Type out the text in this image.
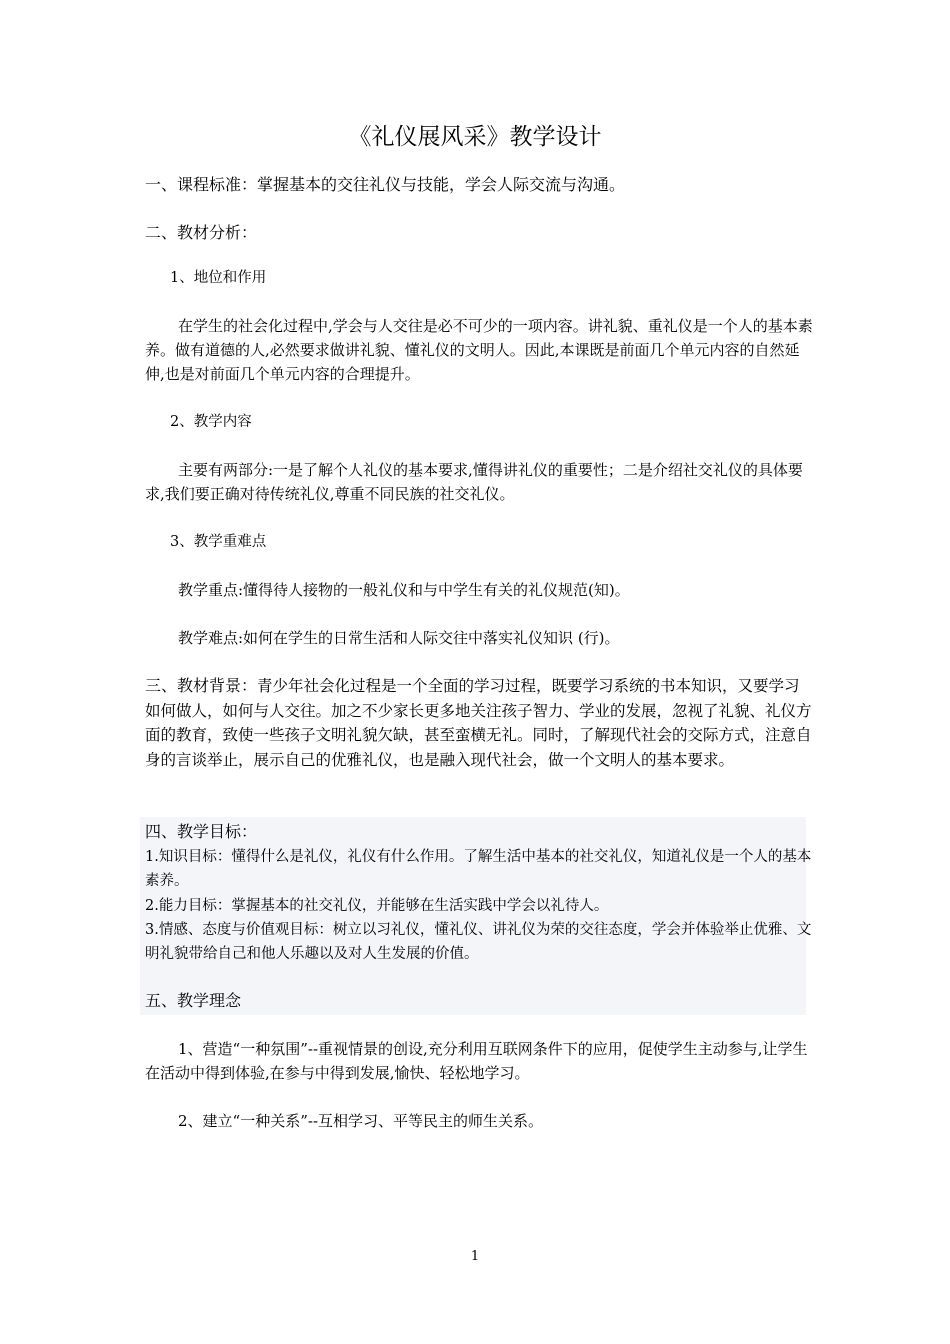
《礼仪展风采》教学设计
一、课程标准：掌握基本的交往礼仪与技能，学会人际交流与沟通。
二、教材分析：
1、地位和作用

在学生的社会化过程中,学会与人交往是必不可少的一项内容。讲礼貌、重礼仪是一个人的基本素养。做有道德的人,必然要求做讲礼貌、懂礼仪的文明人。因此,本课既是前面几个单元内容的自然延伸,也是对前面几个单元内容的合理提升。

2、教学内容

主要有两部分:一是了解个人礼仪的基本要求,懂得讲礼仪的重要性；二是介绍社交礼仪的具体要求,我们要正确对待传统礼仪,尊重不同民族的社交礼仪。

3、教学重难点

教学重点:懂得待人接物的一般礼仪和与中学生有关的礼仪规范(知)。

教学难点:如何在学生的日常生活和人际交往中落实礼仪知识 (行)。

三、教材背景：青少年社会化过程是一个全面的学习过程，既要学习系统的书本知识，又要学习如何做人，如何与人交往。加之不少家长更多地关注孩子智力、学业的发展，忽视了礼貌、礼仪方面的教育，致使一些孩子文明礼貌欠缺，甚至蛮横无礼。同时，了解现代社会的交际方式，注意自身的言谈举止，展示自己的优雅礼仪，也是融入现代社会，做一个文明人的基本要求。

四、教学目标：

1.知识目标：懂得什么是礼仪，礼仪有什么作用。了解生活中基本的社交礼仪，知道礼仪是一个人的基本素养。

2.能力目标：掌握基本的社交礼仪，并能够在生活实践中学会以礼待人。

3.情感、态度与价值观目标：树立以习礼仪，懂礼仪、讲礼仪为荣的交往态度，学会并体验举止优雅、文明礼貌带给自己和他人乐趣以及对人生发展的价值。

五、教学理念

1、营造“一种氛围”--重视情景的创设,充分利用互联网条件下的应用，促使学生主动参与,让学生在活动中得到体验,在参与中得到发展,愉快、轻松地学习。

2、建立“一种关系”--互相学习、平等民主的师生关系。

1
